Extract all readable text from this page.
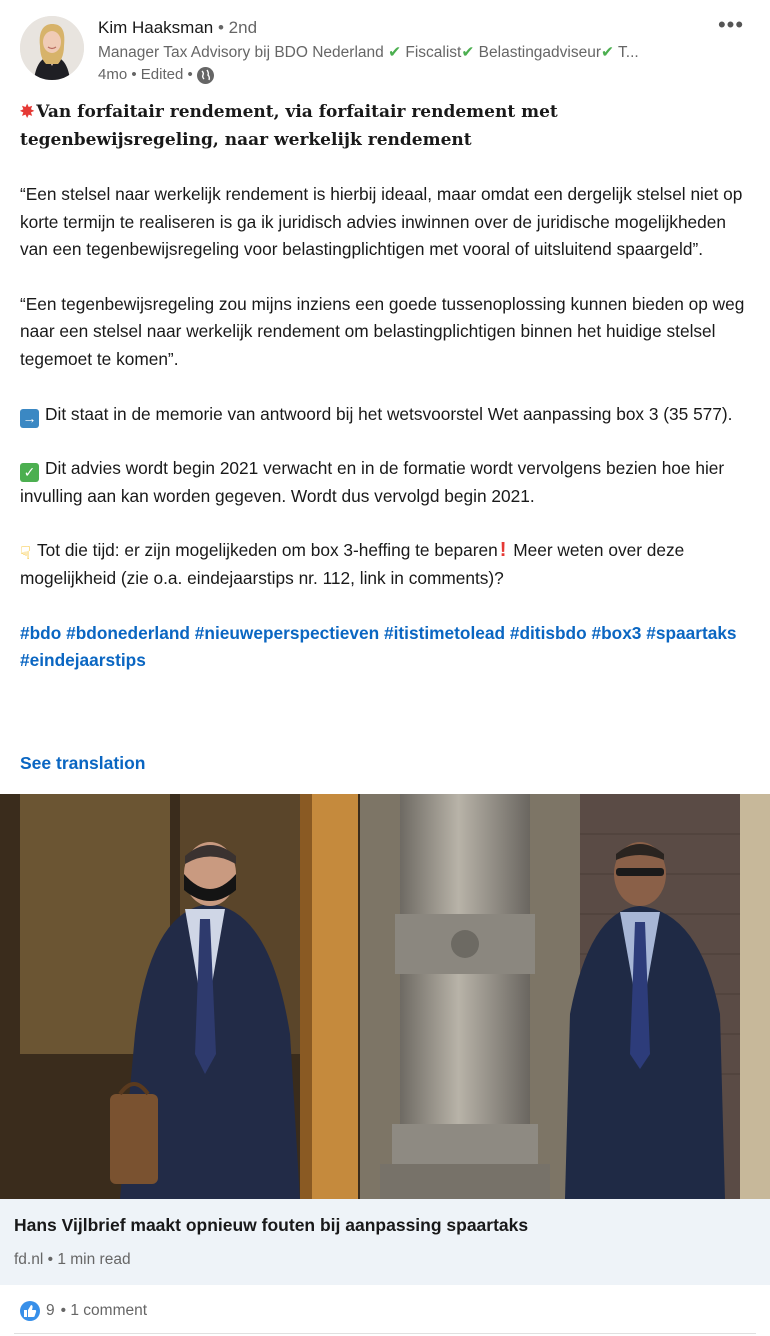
Kim Haaksman • 2nd
Manager Tax Advisory bij BDO Nederland ✔ Fiscalist✔ Belastingadviseur✔ T...
4mo • Edited •
•••

✸ Van forfaitair rendement, via forfaitair rendement met tegenbewijsregeling, naar werkelijk rendement

“Een stelsel naar werkelijk rendement is hierbij ideaal, maar omdat een dergelijk stelsel niet op korte termijn te realiseren is ga ik juridisch advies inwinnen over de juridische mogelijkheden van een tegenbewijsregeling voor belastingplichtigen met vooral of uitsluitend spaargeld”.

“Een tegenbewijsregeling zou mijns inziens een goede tussenoplossing kunnen bieden op weg naar een stelsel naar werkelijk rendement om belastingplichtigen binnen het huidige stelsel tegemoet te komen”.

→ Dit staat in de memorie van antwoord bij het wetsvoorstel Wet aanpassing box 3 (35 577).

✓ Dit advies wordt begin 2021 verwacht en in de formatie wordt vervolgens bezien hoe hier invulling aan kan worden gegeven. Wordt dus vervolgd begin 2021.

☟ Tot die tijd: er zijn mogelijkeden om box 3-heffing te beparen ! Meer weten over deze mogelijkheid (zie o.a. eindejaarstips nr. 112, link in comments)?

#bdo #bdonederland #nieuweperspectieven #itistimetolead #ditisbdo #box3 #spaartaks #eindejaarstips

See translation
Hans Vijlbrief maakt opnieuw fouten bij aanpassing spaartaks
fd.nl • 1 min read
9 • 1 comment
